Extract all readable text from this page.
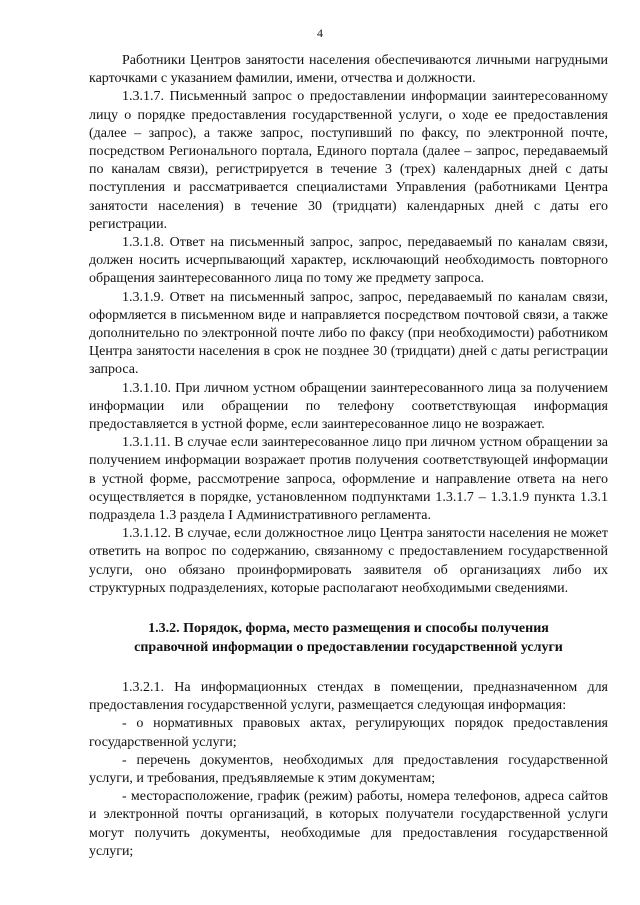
4

Работники Центров занятости населения обеспечиваются личными нагрудными карточками с указанием фамилии, имени, отчества и должности.

1.3.1.7. Письменный запрос о предоставлении информации заинтересованному лицу о порядке предоставления государственной услуги, о ходе ее предоставления (далее – запрос), а также запрос, поступивший по факсу, по электронной почте, посредством Регионального портала, Единого портала (далее – запрос, передаваемый по каналам связи), регистрируется в течение 3 (трех) календарных дней с даты поступления и рассматривается специалистами Управления (работниками Центра занятости населения) в течение 30 (тридцати) календарных дней с даты его регистрации.

1.3.1.8. Ответ на письменный запрос, запрос, передаваемый по каналам связи, должен носить исчерпывающий характер, исключающий необходимость повторного обращения заинтересованного лица по тому же предмету запроса.

1.3.1.9. Ответ на письменный запрос, запрос, передаваемый по каналам связи, оформляется в письменном виде и направляется посредством почтовой связи, а также дополнительно по электронной почте либо по факсу (при необходимости) работником Центра занятости населения в срок не позднее 30 (тридцати) дней с даты регистрации запроса.

1.3.1.10. При личном устном обращении заинтересованного лица за получением информации или обращении по телефону соответствующая информация предоставляется в устной форме, если заинтересованное лицо не возражает.

1.3.1.11. В случае если заинтересованное лицо при личном устном обращении за получением информации возражает против получения соответствующей информации в устной форме, рассмотрение запроса, оформление и направление ответа на него осуществляется в порядке, установленном подпунктами 1.3.1.7 – 1.3.1.9 пункта 1.3.1 подраздела 1.3 раздела I Административного регламента.

1.3.1.12. В случае, если должностное лицо Центра занятости населения не может ответить на вопрос по содержанию, связанному с предоставлением государственной услуги, оно обязано проинформировать заявителя об организациях либо их структурных подразделениях, которые располагают необходимыми сведениями.

1.3.2. Порядок, форма, место размещения и способы получения
справочной информации о предоставлении государственной услуги

1.3.2.1. На информационных стендах в помещении, предназначенном для предоставления государственной услуги, размещается следующая информация:

- о нормативных правовых актах, регулирующих порядок предоставления государственной услуги;

- перечень документов, необходимых для предоставления государственной услуги, и требования, предъявляемые к этим документам;

- месторасположение, график (режим) работы, номера телефонов, адреса сайтов и электронной почты организаций, в которых получатели государственной услуги могут получить документы, необходимые для предоставления государственной услуги;
